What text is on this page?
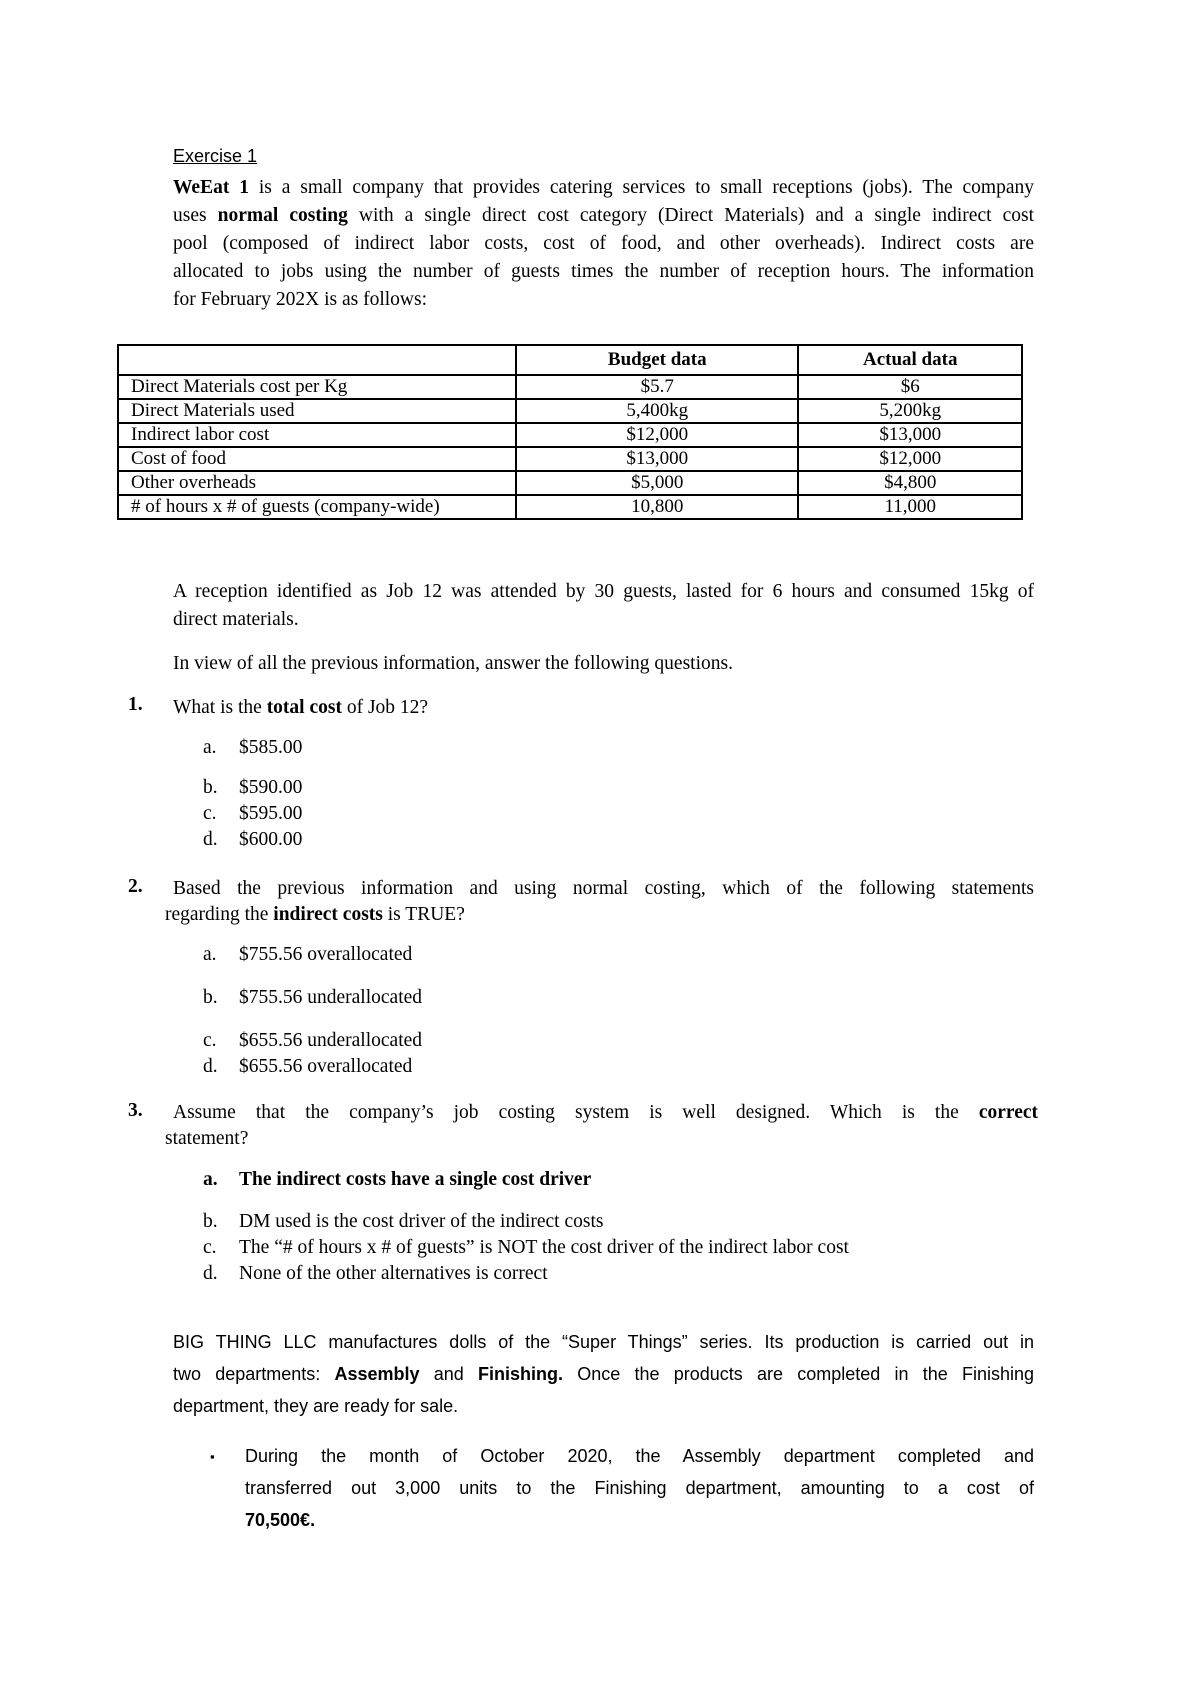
Exercise 1
WeEat 1 is a small company that provides catering services to small receptions (jobs). The company
uses normal costing with a single direct cost category (Direct Materials) and a single indirect cost
pool (composed of indirect labor costs, cost of food, and other overheads). Indirect costs are
allocated to jobs using the number of guests times the number of reception hours. The information
for February 202X is as follows:
	Budget data	Actual data
Direct Materials cost per Kg	$5.7	$6
Direct Materials used	5,400kg	5,200kg
Indirect labor cost	$12,000	$13,000
Cost of food	$13,000	$12,000
Other overheads	$5,000	$4,800
# of hours x # of guests (company-wide)	10,800	11,000
A reception identified as Job 12 was attended by 30 guests, lasted for 6 hours and consumed 15kg of
direct materials.
In view of all the previous information, answer the following questions.
1. What is the total cost of Job 12?
a. $585.00
b. $590.00
c. $595.00
d. $600.00
2. Based the previous information and using normal costing, which of the following statements
regarding the indirect costs is TRUE?
a. $755.56 overallocated
b. $755.56 underallocated
c. $655.56 underallocated
d. $655.56 overallocated
3. Assume that the company’s job costing system is well designed. Which is the correct
statement?
a. The indirect costs have a single cost driver
b. DM used is the cost driver of the indirect costs
c. The “# of hours x # of guests” is NOT the cost driver of the indirect labor cost
d. None of the other alternatives is correct
BIG THING LLC manufactures dolls of the “Super Things” series. Its production is carried out in
two departments: Assembly and Finishing. Once the products are completed in the Finishing
department, they are ready for sale.
▪ During the month of October 2020, the Assembly department completed and
transferred out 3,000 units to the Finishing department, amounting to a cost of
70,500€.
